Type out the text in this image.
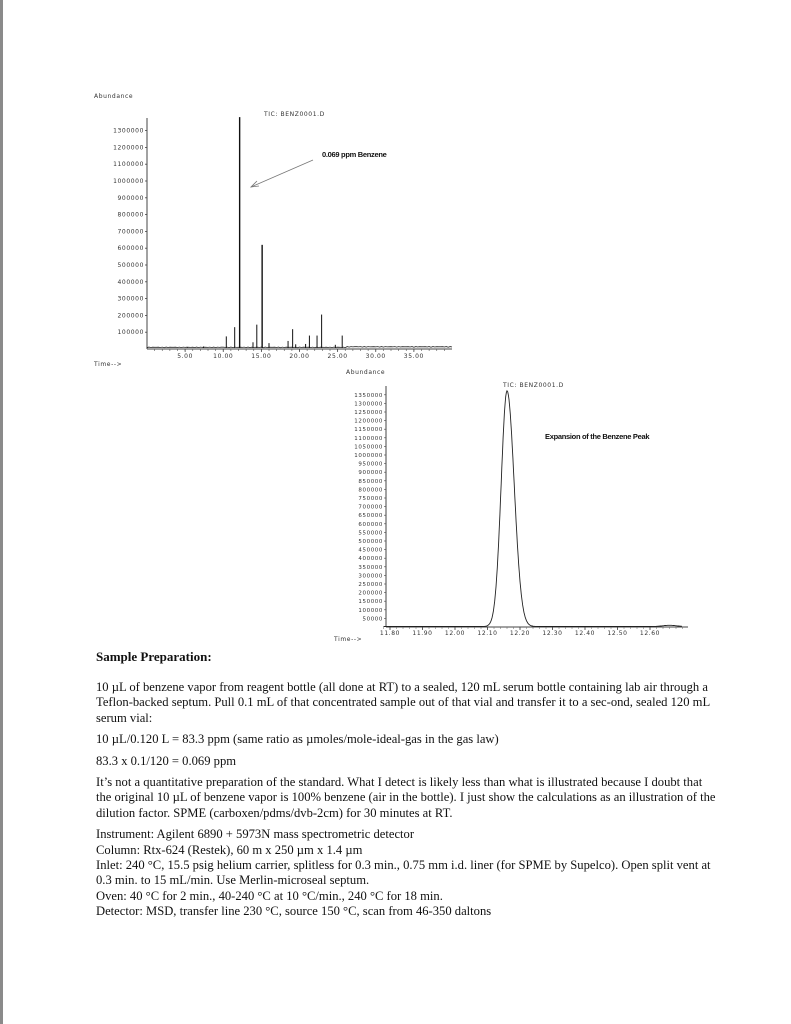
Abundance
TIC: BENZ0001.D
Time-->
0.069 ppm Benzene
5.00	10.00	15.00	20.00	25.00	30.00	35.00
100000
200000
300000
400000
500000
600000
700000
800000
900000
1000000
1100000
1200000
1300000
Abundance
TIC: BENZ0001.D
Time-->
Expansion of the Benzene Peak
11.80 11.90 12.00 12.10 12.20 12.30 12.40 12.50 12.60
50000
100000
150000
200000
250000
300000
350000
400000
450000
500000
550000
600000
650000
700000
750000
800000
850000
900000
950000
1000000
1050000
1100000
1150000
1200000
1250000
1300000
1350000
Sample Preparation:

10 µL of benzene vapor from reagent bottle (all done at RT) to a sealed, 120 mL serum bottle containing lab air through a Teflon-backed septum. Pull 0.1 mL of that concentrated sample out of that vial and transfer it to a sec-ond, sealed 120 mL serum vial:

10 µL/0.120 L = 83.3 ppm (same ratio as µmoles/mole-ideal-gas in the gas law)

83.3 x 0.1/120 = 0.069 ppm

It’s not a quantitative preparation of the standard. What I detect is likely less than what is illustrated because I doubt that the original 10 µL of benzene vapor is 100% benzene (air in the bottle). I just show the calculations as an illustration of the dilution factor. SPME (carboxen/pdms/dvb-2cm) for 30 minutes at RT.

Instrument: Agilent 6890 + 5973N mass spectrometric detector

Column: Rtx-624 (Restek), 60 m x 250 µm x 1.4 µm

Inlet: 240 °C, 15.5 psig helium carrier, splitless for 0.3 min., 0.75 mm i.d. liner (for SPME by Supelco). Open split vent at 0.3 min. to 15 mL/min. Use Merlin-microseal septum.

Oven: 40 °C for 2 min., 40-240 °C at 10 °C/min., 240 °C for 18 min.

Detector: MSD, transfer line 230 °C, source 150 °C, scan from 46-350 daltons
